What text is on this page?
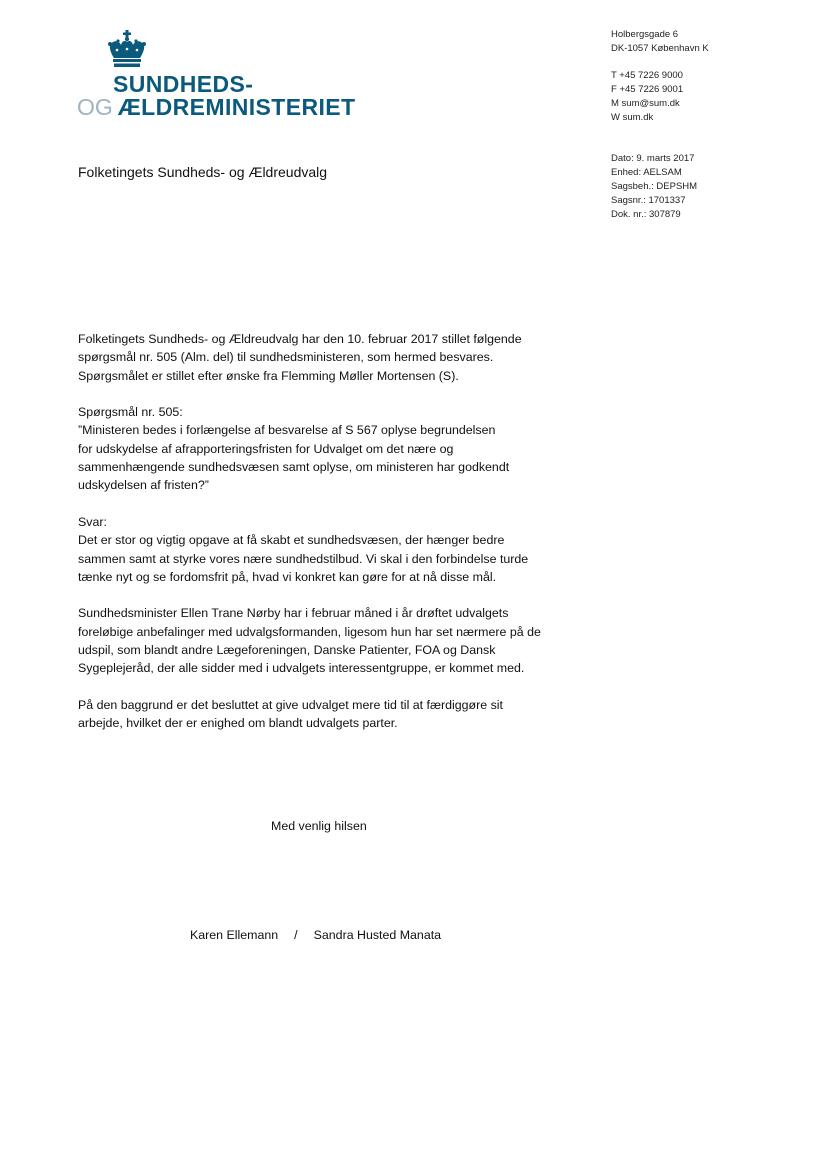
SUNDHEDS-
OG ÆLDREMINISTERIET
Holbergsgade 6
DK-1057 København K
T +45 7226 9000
F +45 7226 9001
M sum@sum.dk
W sum.dk
Dato: 9. marts 2017
Enhed: AELSAM
Sagsbeh.: DEPSHM
Sagsnr.: 1701337
Dok. nr.: 307879
Folketingets Sundheds- og Ældreudvalg

Folketingets Sundheds- og Ældreudvalg har den 10. februar 2017 stillet følgende
spørgsmål nr. 505 (Alm. del) til sundhedsministeren, som hermed besvares.
Spørgsmålet er stillet efter ønske fra Flemming Møller Mortensen (S).

Spørgsmål nr. 505:
”Ministeren bedes i forlængelse af besvarelse af S 567 oplyse begrundelsen
for udskydelse af afrapporteringsfristen for Udvalget om det nære og
sammenhængende sundhedsvæsen samt oplyse, om ministeren har godkendt
udskydelsen af fristen?”

Svar:
Det er stor og vigtig opgave at få skabt et sundhedsvæsen, der hænger bedre
sammen samt at styrke vores nære sundhedstilbud. Vi skal i den forbindelse turde
tænke nyt og se fordomsfrit på, hvad vi konkret kan gøre for at nå disse mål.

Sundhedsminister Ellen Trane Nørby har i februar måned i år drøftet udvalgets
foreløbige anbefalinger med udvalgsformanden, ligesom hun har set nærmere på de
udspil, som blandt andre Lægeforeningen, Danske Patienter, FOA og Dansk
Sygeplejeråd, der alle sidder med i udvalgets interessentgruppe, er kommet med.

På den baggrund er det besluttet at give udvalget mere tid til at færdiggøre sit
arbejde, hvilket der er enighed om blandt udvalgets parter.

Med venlig hilsen
Karen Ellemann / Sandra Husted Manata
